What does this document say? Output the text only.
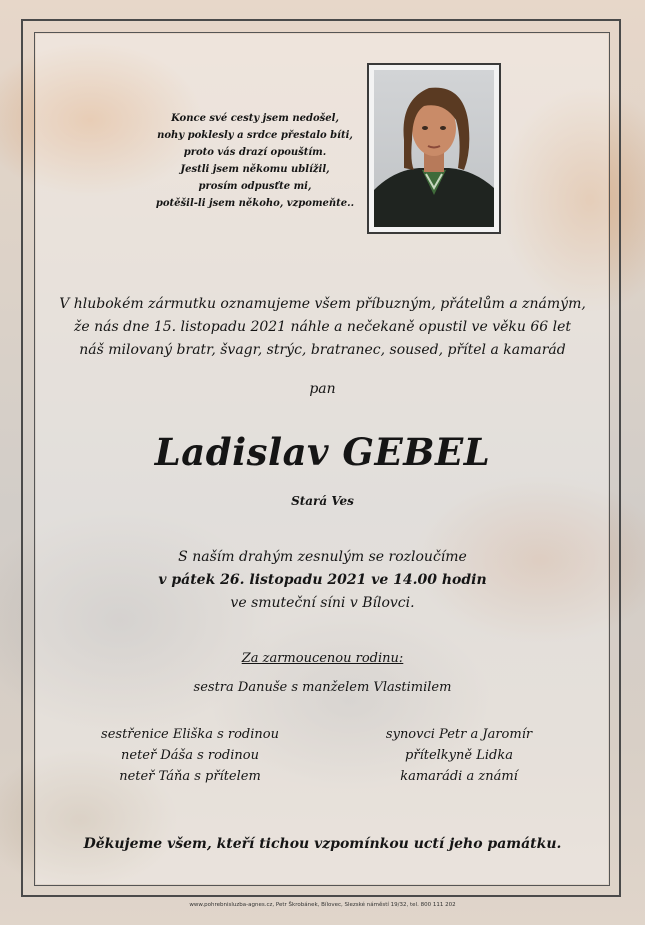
Konce své cesty jsem nedošel,
nohy poklesly a srdce přestalo bíti,
proto vás drazí opouštím.
Jestli jsem někomu ublížil,
prosím odpusťte mi,
potěšil-li jsem někoho, vzpomeňte..
V hlubokém zármutku oznamujeme všem příbuzným, přátelům a známým,
že nás dne 15. listopadu 2021 náhle a nečekaně opustil ve věku 66 let
náš milovaný bratr, švagr, strýc, bratranec, soused, přítel a kamarád
pan
Ladislav GEBEL
Stará Ves
S naším drahým zesnulým se rozloučíme
v pátek 26. listopadu 2021 ve 14.00 hodin
ve smuteční síni v Bílovci.
Za zarmoucenou rodinu:
sestra Danuše s manželem Vlastimilem
sestřenice Eliška s rodinou
neteř Dáša s rodinou
neteř Táňa s přítelem
synovci Petr a Jaromír
přítelkyně Lidka
kamarádi a známí
Děkujeme všem, kteří tichou vzpomínkou uctí jeho památku.
www.pohrebnisluzba-agnes.cz, Petr Škrobánek, Bílovec, Slezské náměstí 19/32, tel. 800 111 202
